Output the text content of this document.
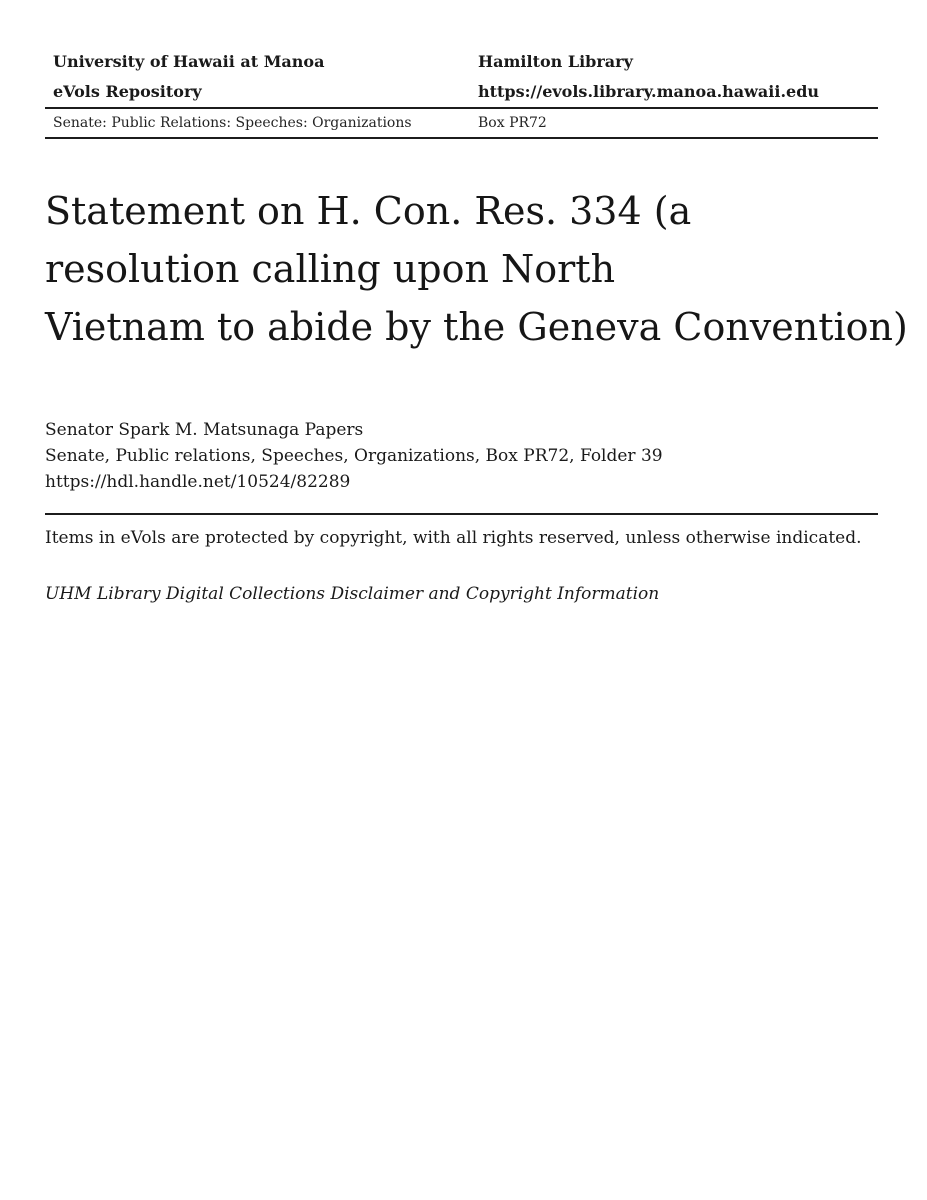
University of Hawaii at Manoa	Hamilton Library
eVols Repository	https://evols.library.manoa.hawaii.edu
Senate: Public Relations: Speeches: Organizations	Box PR72
Statement on H. Con. Res. 334 (a
resolution calling upon North
Vietnam to abide by the Geneva Convention)
Senator Spark M. Matsunaga Papers
Senate, Public relations, Speeches, Organizations, Box PR72, Folder 39
https://hdl.handle.net/10524/82289
Items in eVols are protected by copyright, with all rights reserved, unless otherwise indicated.
UHM Library Digital Collections Disclaimer and Copyright Information
